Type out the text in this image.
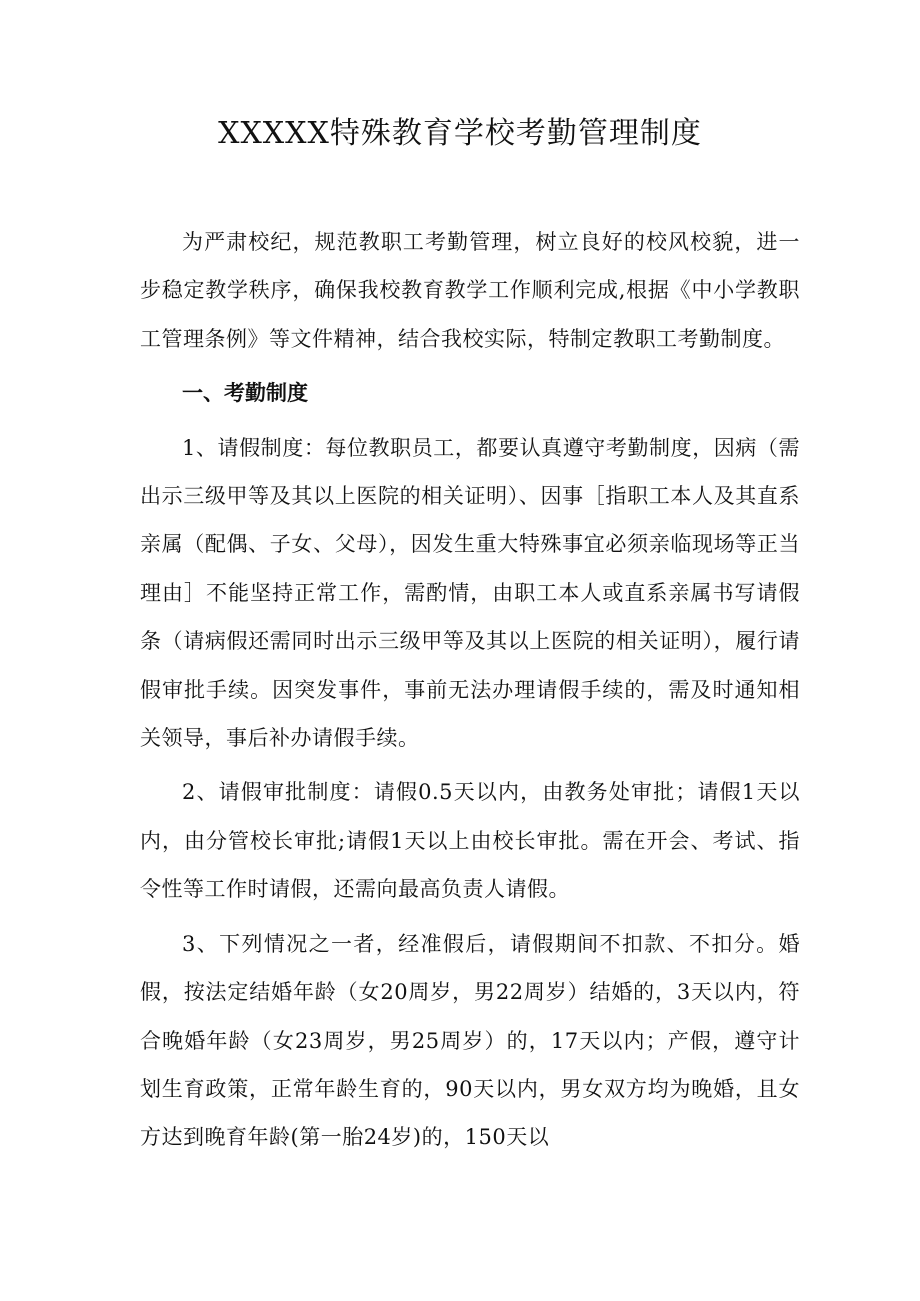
XXXXX特殊教育学校考勤管理制度

为严肃校纪，规范教职工考勤管理，树立良好的校风校貌，进一步稳定教学秩序，确保我校教育教学工作顺利完成,根据《中小学教职工管理条例》等文件精神，结合我校实际，特制定教职工考勤制度。

一、考勤制度

1、请假制度：每位教职员工，都要认真遵守考勤制度，因病（需出示三级甲等及其以上医院的相关证明）、因事［指职工本人及其直系亲属（配偶、子女、父母），因发生重大特殊事宜必须亲临现场等正当理由］不能坚持正常工作，需酌情，由职工本人或直系亲属书写请假条（请病假还需同时出示三级甲等及其以上医院的相关证明），履行请假审批手续。因突发事件，事前无法办理请假手续的，需及时通知相关领导，事后补办请假手续。

2、请假审批制度：请假0.5天以内，由教务处审批；请假1天以内，由分管校长审批;请假1天以上由校长审批。需在开会、考试、指令性等工作时请假，还需向最高负责人请假。

3、下列情况之一者，经准假后，请假期间不扣款、不扣分。婚假，按法定结婚年龄（女20周岁，男22周岁）结婚的，3天以内，符合晚婚年龄（女23周岁，男25周岁）的，17天以内；产假，遵守计划生育政策，正常年龄生育的，90天以内，男女双方均为晚婚，且女方达到晚育年龄(第一胎24岁)的，150天以
